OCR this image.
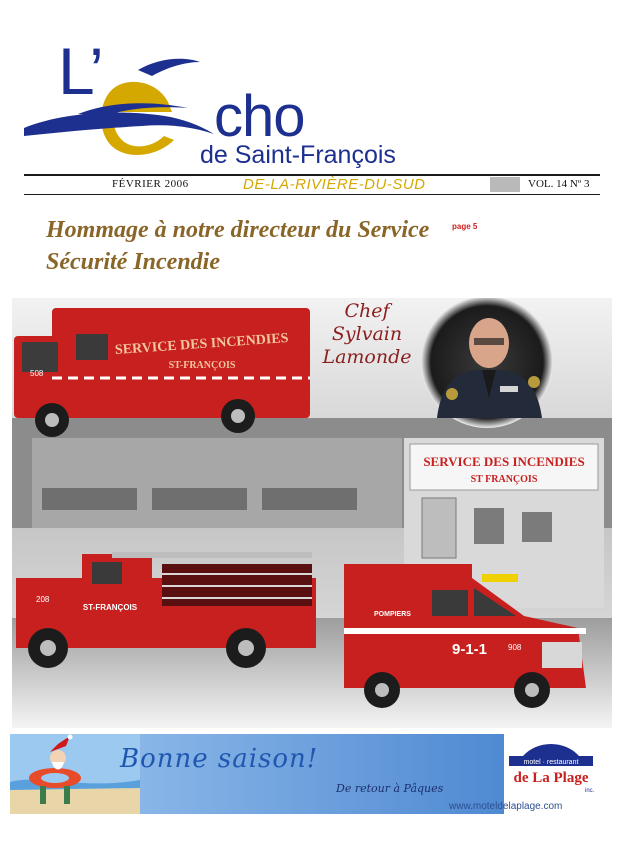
L’
cho
de Saint-François
FÉVRIER 2006	DE-LA-RIVIÈRE-DU-SUD	VOL. 14 Nº 3
Hommage à notre directeur du Service Sécurité Incendie
page 5
SERVICE DES INCENDIES
ST FRANÇOIS
SERVICE DES INCENDIES
ST-FRANÇOIS
508
ST-FRANÇOIS
208
POMPIERS
9-1-1	908
Chef
Sylvain
Lamonde
Bonne saison!
De retour à Pâques
motel · restaurant
de La Plage
inc.
www.moteldelaplage.com
